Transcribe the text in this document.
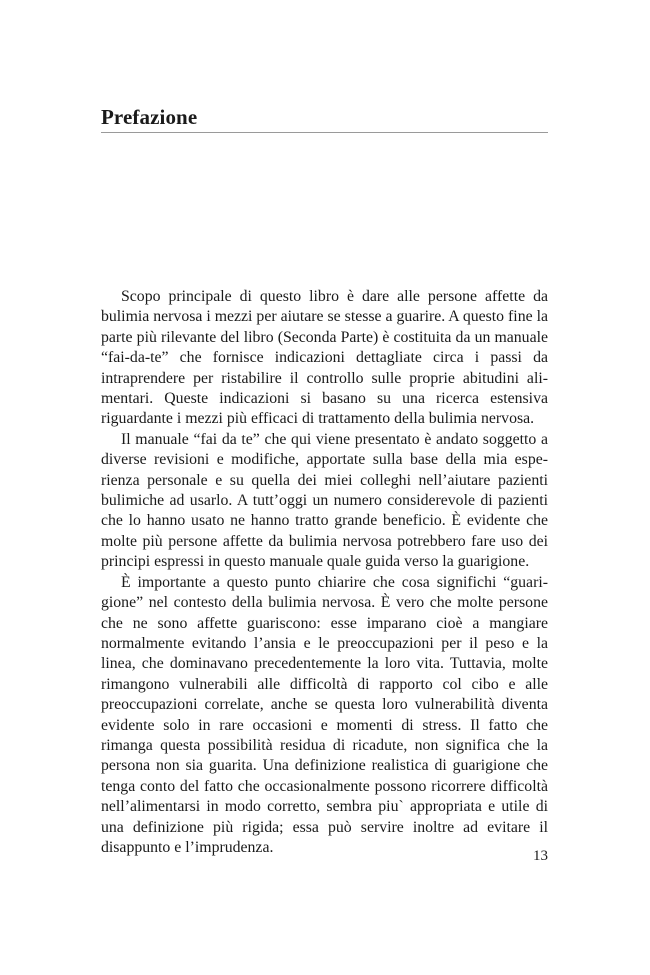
Prefazione

Scopo principale di questo libro è dare alle persone affette da bulimia nervosa i mezzi per aiutare se stesse a guarire. A questo fine la parte più rilevante del libro (Seconda Parte) è costituita da un manuale “fai-da-te” che fornisce indicazioni dettagliate circa i passi da intraprendere per ristabilire il controllo sulle proprie abitudini alimentari. Queste indicazioni si basano su una ricerca estensiva riguardante i mezzi più efficaci di trattamento della bulimia nervosa.

Il manuale “fai da te” che qui viene presentato è andato soggetto a diverse revisioni e modifiche, apportate sulla base della mia esperienza personale e su quella dei miei colleghi nell’aiutare pazienti bulimiche ad usarlo. A tutt’oggi un numero considerevole di pazienti che lo hanno usato ne hanno tratto grande beneficio. È evidente che molte più persone affette da bulimia nervosa potrebbero fare uso dei principi espressi in questo manuale quale guida verso la guarigione.

È importante a questo punto chiarire che cosa significhi “guarigione” nel contesto della bulimia nervosa. È vero che molte persone che ne sono affette guariscono: esse imparano cioè a mangiare normalmente evitando l’ansia e le preoccupazioni per il peso e la linea, che dominavano precedentemente la loro vita. Tuttavia, molte rimangono vulnerabili alle difficoltà di rapporto col cibo e alle preoccupazioni correlate, anche se questa loro vulnerabilità diventa evidente solo in rare occasioni e momenti di stress. Il fatto che rimanga questa possibilità residua di ricadute, non significa che la persona non sia guarita. Una definizione realistica di guarigione che tenga conto del fatto che occasionalmente possono ricorrere difficoltà nell’alimentarsi in modo corretto, sembra piu` appropriata e utile di una definizione più rigida; essa può servire inoltre ad evitare il disappunto e l’imprudenza.

13
